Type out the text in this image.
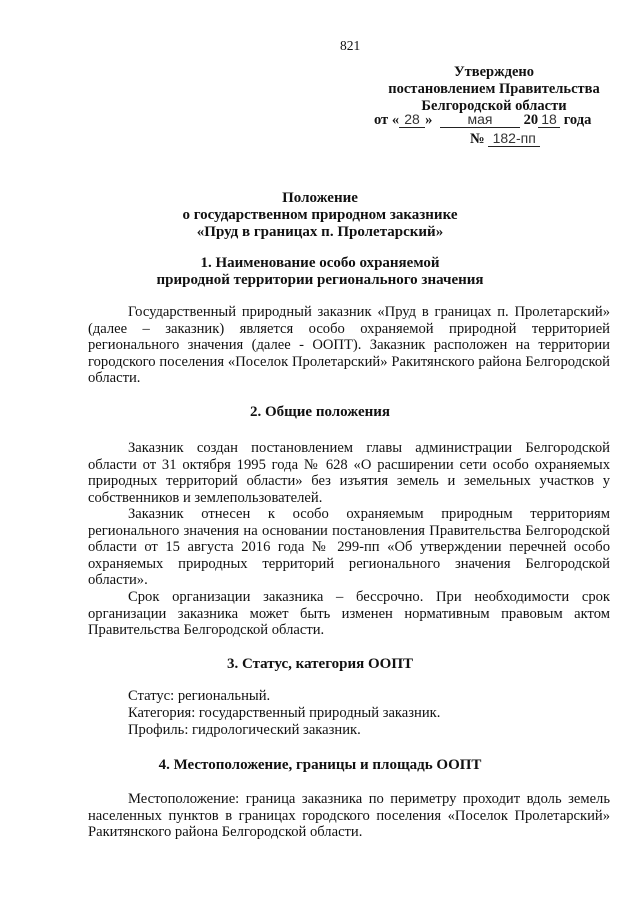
821
Утверждено
постановлением Правительства
Белгородской области
от « 28 »	мая 20 18 года
№ 182-пп
Положение
о государственном природном заказнике
«Пруд в границах п. Пролетарский»
1. Наименование особо охраняемой
природной территории регионального значения
Государственный природный заказник «Пруд в границах п. Пролетарский» (далее – заказник) является особо охраняемой природной территорией регионального значения (далее - ООПТ). Заказник расположен на территории городского поселения «Поселок Пролетарский» Ракитянского района Белгородской области.
2. Общие положения
Заказник создан постановлением главы администрации Белгородской области от 31 октября 1995 года № 628 «О расширении сети особо охраняемых природных территорий области» без изъятия земель и земельных участков у собственников и землепользователей.
Заказник отнесен к особо охраняемым природным территориям регионального значения на основании постановления Правительства Белгородской области от 15 августа 2016 года № 299-пп «Об утверждении перечней особо охраняемых природных территорий регионального значения Белгородской области».
Срок организации заказника – бессрочно. При необходимости срок организации заказника может быть изменен нормативным правовым актом Правительства Белгородской области.
3. Статус, категория ООПТ
Статус: региональный.
Категория: государственный природный заказник.
Профиль: гидрологический заказник.
4. Местоположение, границы и площадь ООПТ
Местоположение: граница заказника по периметру проходит вдоль земель населенных пунктов в границах городского поселения «Поселок Пролетарский» Ракитянского района Белгородской области.
